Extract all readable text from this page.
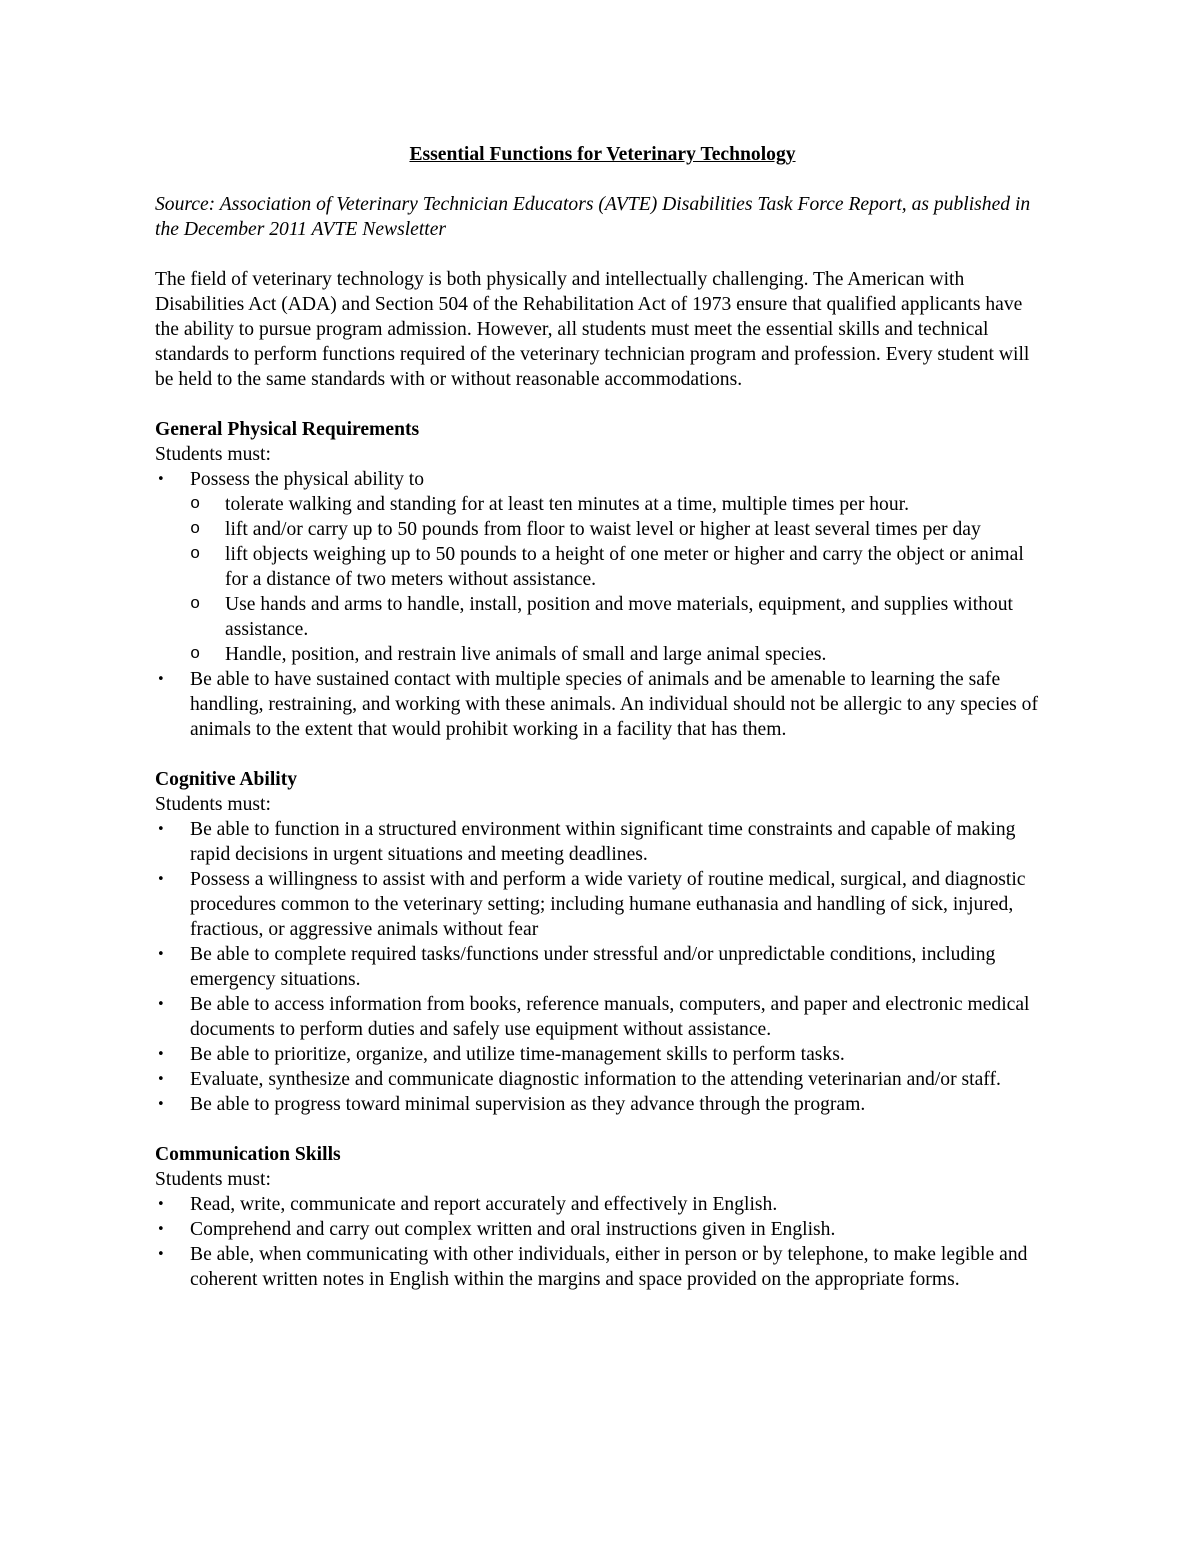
Essential Functions for Veterinary Technology

Source: Association of Veterinary Technician Educators (AVTE) Disabilities Task Force Report, as published in the December 2011 AVTE Newsletter

The field of veterinary technology is both physically and intellectually challenging. The American with Disabilities Act (ADA) and Section 504 of the Rehabilitation Act of 1973 ensure that qualified applicants have the ability to pursue program admission. However, all students must meet the essential skills and technical standards to perform functions required of the veterinary technician program and profession. Every student will be held to the same standards with or without reasonable accommodations.

General Physical Requirements

Students must:

•	Possess the physical ability to
o tolerate walking and standing for at least ten minutes at a time, multiple times per hour.
o lift and/or carry up to 50 pounds from floor to waist level or higher at least several times per day
o lift objects weighing up to 50 pounds to a height of one meter or higher and carry the object or animal for a distance of two meters without assistance.
o Use hands and arms to handle, install, position and move materials, equipment, and supplies without assistance.
o Handle, position, and restrain live animals of small and large animal species.
•	Be able to have sustained contact with multiple species of animals and be amenable to learning the safe handling, restraining, and working with these animals. An individual should not be allergic to any species of animals to the extent that would prohibit working in a facility that has them.

Cognitive Ability

Students must:

•	Be able to function in a structured environment within significant time constraints and capable of making rapid decisions in urgent situations and meeting deadlines.
•	Possess a willingness to assist with and perform a wide variety of routine medical, surgical, and diagnostic procedures common to the veterinary setting; including humane euthanasia and handling of sick, injured, fractious, or aggressive animals without fear
•	Be able to complete required tasks/functions under stressful and/or unpredictable conditions, including emergency situations.
•	Be able to access information from books, reference manuals, computers, and paper and electronic medical documents to perform duties and safely use equipment without assistance.
•	Be able to prioritize, organize, and utilize time-management skills to perform tasks.
•	Evaluate, synthesize and communicate diagnostic information to the attending veterinarian and/or staff.
•	Be able to progress toward minimal supervision as they advance through the program.

Communication Skills

Students must:

•	Read, write, communicate and report accurately and effectively in English.
•	Comprehend and carry out complex written and oral instructions given in English.
•	Be able, when communicating with other individuals, either in person or by telephone, to make legible and coherent written notes in English within the margins and space provided on the appropriate forms.
